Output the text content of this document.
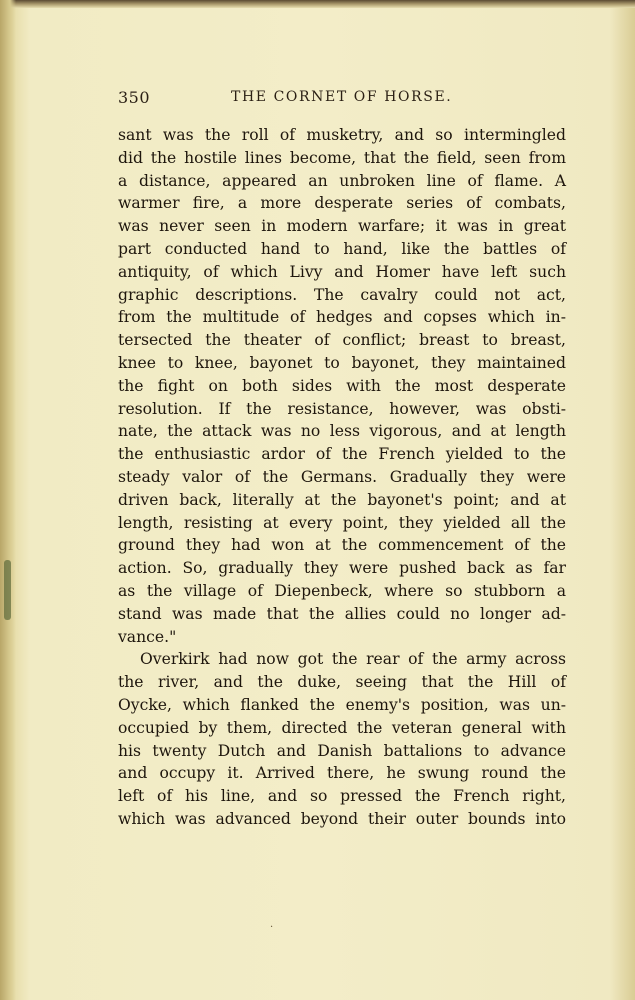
350	THE CORNET OF HORSE.
sant was the roll of musketry, and so intermingled
did the hostile lines become, that the field, seen from
a distance, appeared an unbroken line of flame. A
warmer fire, a more desperate series of combats,
was never seen in modern warfare; it was in great
part conducted hand to hand, like the battles of
antiquity, of which Livy and Homer have left such
graphic descriptions. The cavalry could not act,
from the multitude of hedges and copses which in-
tersected the theater of conflict; breast to breast,
knee to knee, bayonet to bayonet, they maintained
the fight on both sides with the most desperate
resolution. If the resistance, however, was obsti-
nate, the attack was no less vigorous, and at length
the enthusiastic ardor of the French yielded to the
steady valor of the Germans. Gradually they were
driven back, literally at the bayonet's point; and at
length, resisting at every point, they yielded all the
ground they had won at the commencement of the
action. So, gradually they were pushed back as far
as the village of Diepenbeck, where so stubborn a
stand was made that the allies could no longer ad-
vance."
Overkirk had now got the rear of the army across
the river, and the duke, seeing that the Hill of
Oycke, which flanked the enemy's position, was un-
occupied by them, directed the veteran general with
his twenty Dutch and Danish battalions to advance
and occupy it. Arrived there, he swung round the
left of his line, and so pressed the French right,
which was advanced beyond their outer bounds into
·
